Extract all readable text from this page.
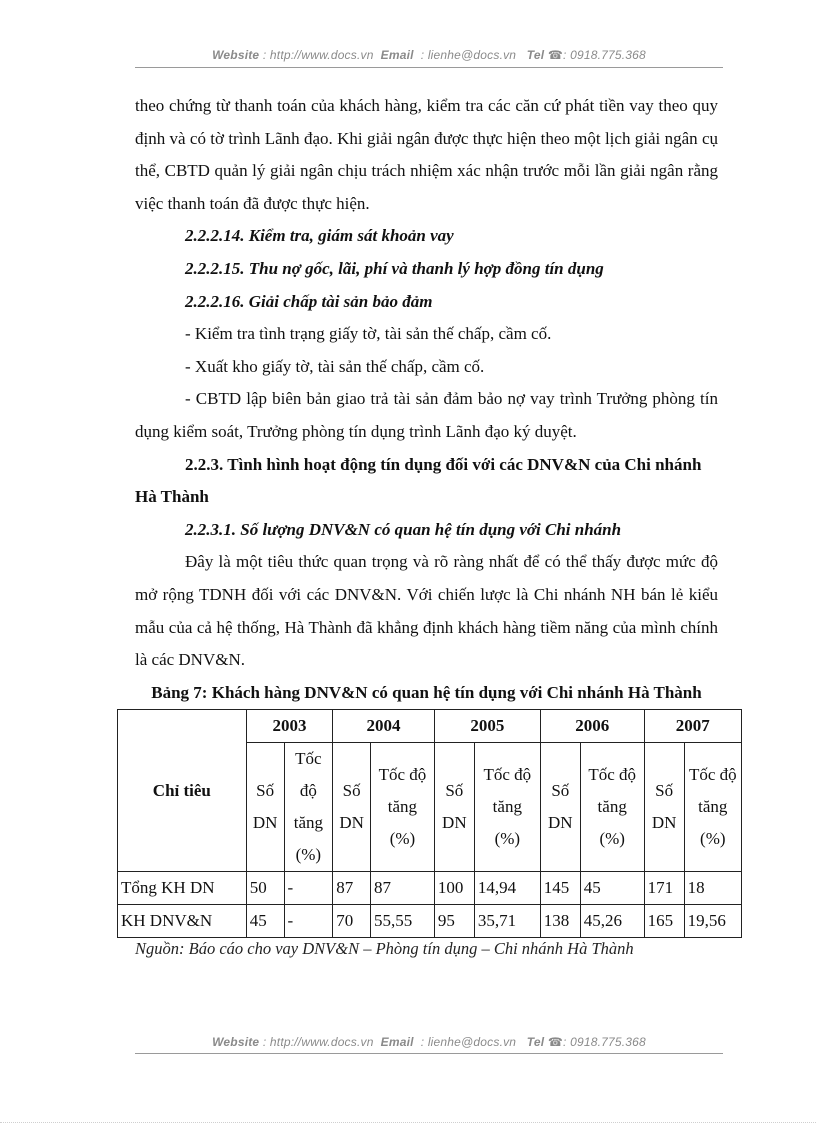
Website : http://www.docs.vn Email : lienhe@docs.vn Tel ☎: 0918.775.368

theo chứng từ thanh toán của khách hàng, kiểm tra các căn cứ phát tiền vay theo quy định và có tờ trình Lãnh đạo. Khi giải ngân được thực hiện theo một lịch giải ngân cụ thể, CBTD quản lý giải ngân chịu trách nhiệm xác nhận trước mỗi lần giải ngân rằng việc thanh toán đã được thực hiện.

2.2.2.14. Kiểm tra, giám sát khoản vay

2.2.2.15. Thu nợ gốc, lãi, phí và thanh lý hợp đồng tín dụng

2.2.2.16. Giải chấp tài sản bảo đảm

- Kiểm tra tình trạng giấy tờ, tài sản thế chấp, cầm cố.

- Xuất kho giấy tờ, tài sản thế chấp, cầm cố.

- CBTD lập biên bản giao trả tài sản đảm bảo nợ vay trình Trưởng phòng tín dụng kiểm soát, Trưởng phòng tín dụng trình Lãnh đạo ký duyệt.

2.2.3. Tình hình hoạt động tín dụng đối với các DNV&N của Chi nhánh Hà Thành

2.2.3.1. Số lượng DNV&N có quan hệ tín dụng với Chi nhánh

Đây là một tiêu thức quan trọng và rõ ràng nhất để có thể thấy được mức độ mở rộng TDNH đối với các DNV&N. Với chiến lược là Chi nhánh NH bán lẻ kiểu mẫu của cả hệ thống, Hà Thành đã khẳng định khách hàng tiềm năng của mình chính là các DNV&N.

Bảng 7: Khách hàng DNV&N có quan hệ tín dụng với Chi nhánh Hà Thành

Chỉ tiêu	2003		2004		2005		2006		2007	
	Số DN	Tốc độ tăng (%)	Số DN	Tốc độ tăng (%)	Số DN	Tốc độ tăng (%)	Số DN	Tốc độ tăng (%)	Số DN	Tốc độ tăng (%)
Tổng KH DN	50	-	87	87	100	14,94	145	45	171	18
KH DNV&N	45	-	70	55,55	95	35,71	138	45,26	165	19,56

Nguồn: Báo cáo cho vay DNV&N – Phòng tín dụng – Chi nhánh Hà Thành

Website : http://www.docs.vn Email : lienhe@docs.vn Tel ☎: 0918.775.368
